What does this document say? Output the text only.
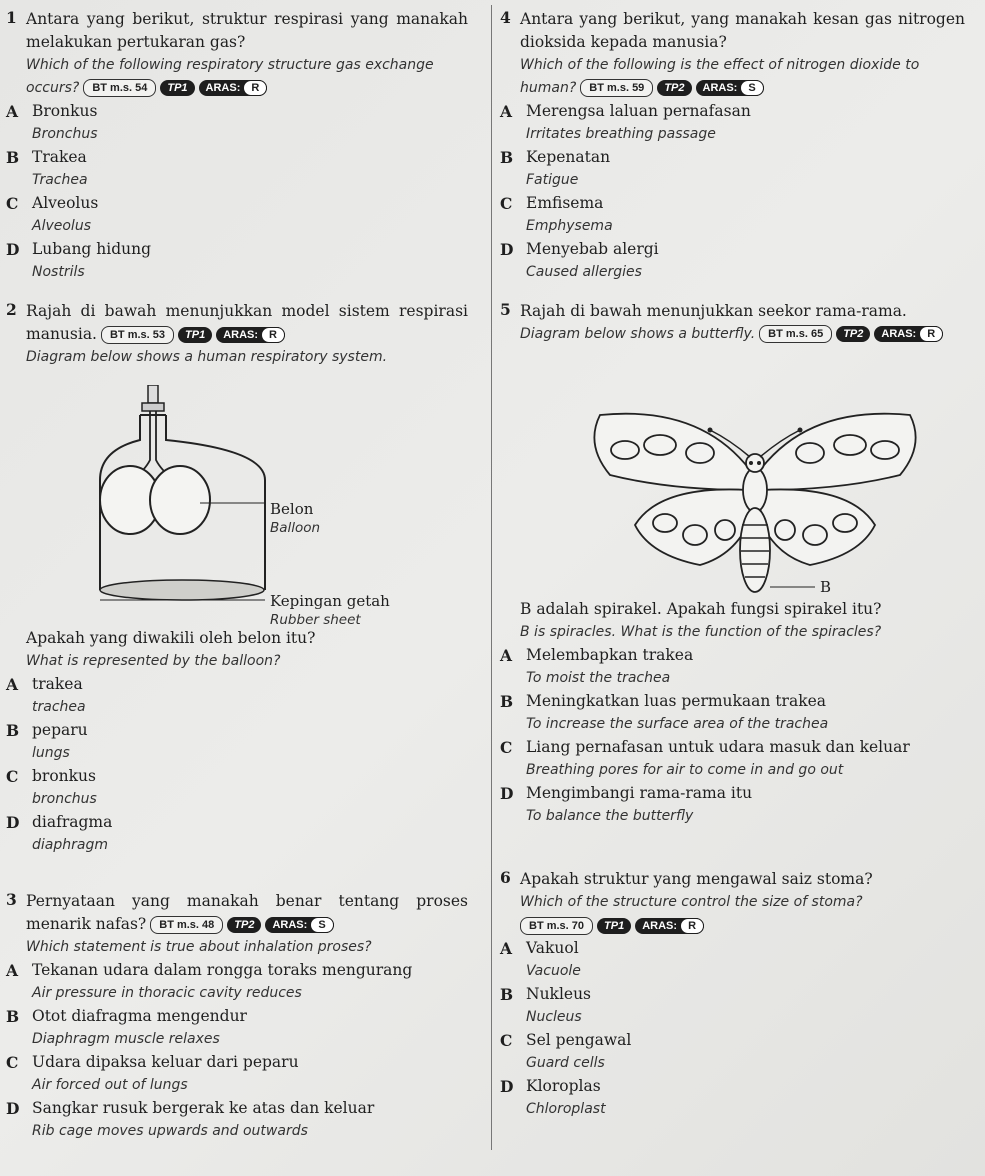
1 Antara yang berikut, struktur respirasi yang manakah melakukan pertukaran gas?
Which of the following respiratory structure gas exchange occurs? BT m.s. 54 TP1 ARAS:	R
A Bronkus
Bronchus
B Trakea
Trachea
C Alveolus
Alveolus
D Lubang hidung
Nostrils
2 Rajah di bawah menunjukkan model sistem respirasi manusia. BT m.s. 53 TP1 ARAS:	R
Diagram below shows a human respiratory system.
Apakah yang diwakili oleh belon itu?
What is represented by the balloon?
A trakea
trachea
B peparu
lungs
C bronkus
bronchus
D diafragma
diaphragm
3 Pernyataan yang manakah benar tentang proses menarik nafas? BT m.s. 48 TP2 ARAS:	S
Which statement is true about inhalation proses?
A Tekanan udara dalam rongga toraks mengurang
Air pressure in thoracic cavity reduces
B Otot diafragma mengendur
Diaphragm muscle relaxes
C Udara dipaksa keluar dari peparu
Air forced out of lungs
D Sangkar rusuk bergerak ke atas dan keluar
Rib cage moves upwards and outwards
4 Antara yang berikut, yang manakah kesan gas nitrogen dioksida kepada manusia?
Which of the following is the effect of nitrogen dioxide to human? BT m.s. 59 TP2 ARAS:	S
A Merengsa laluan pernafasan
Irritates breathing passage
B Kepenatan
Fatigue
C Emfisema
Emphysema
D Menyebab alergi
Caused allergies
5 Rajah di bawah menunjukkan seekor rama-rama.
Diagram below shows a butterfly. BT m.s. 65 TP2 ARAS:	R
B adalah spirakel. Apakah fungsi spirakel itu?
B is spiracles. What is the function of the spiracles?
A Melembapkan trakea
To moist the trachea
B Meningkatkan luas permukaan trakea
To increase the surface area of the trachea
C Liang pernafasan untuk udara masuk dan keluar
Breathing pores for air to come in and go out
D Mengimbangi rama-rama itu
To balance the butterfly
6 Apakah struktur yang mengawal saiz stoma?
Which of the structure control the size of stoma?
BT m.s. 70 TP1 ARAS:	R
A Vakuol
Vacuole
B Nukleus
Nucleus
C Sel pengawal
Guard cells
D Kloroplas
Chloroplast
Belon
Balloon
Kepingan getah
Rubber sheet
B
